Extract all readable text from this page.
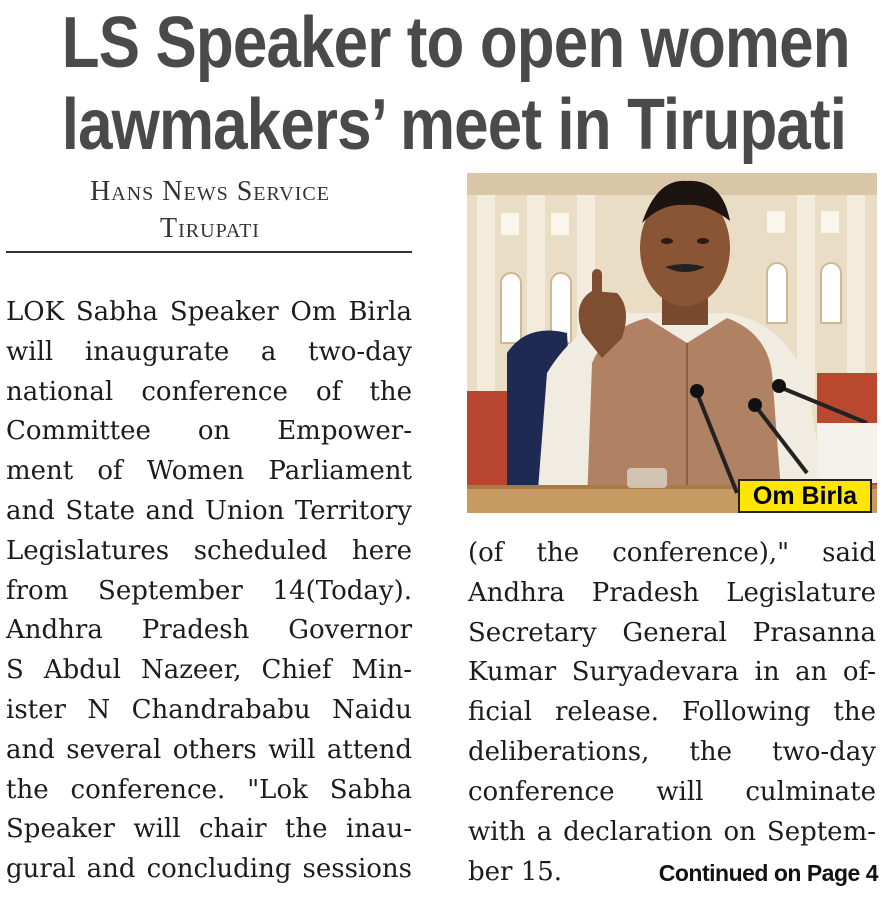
LS Speaker to open women
lawmakers’ meet in Tirupati
Hans News Service
Tirupati
LOK Sabha Speaker Om Birla
will inaugurate a two-day
national conference of the
Committee on Empower-
ment of Women Parliament
and State and Union Territory
Legislatures scheduled here
from September 14(Today).
Andhra Pradesh Governor
S Abdul Nazeer, Chief Min-
ister N Chandrababu Naidu
and several others will attend
the conference. "Lok Sabha
Speaker will chair the inau-
gural and concluding sessions
Om Birla
(of the conference)," said
Andhra Pradesh Legislature
Secretary General Prasanna
Kumar Suryadevara in an of-
ficial release. Following the
deliberations, the two-day
conference will culminate
with a declaration on Septem-
ber 15.	Continued on Page 4
